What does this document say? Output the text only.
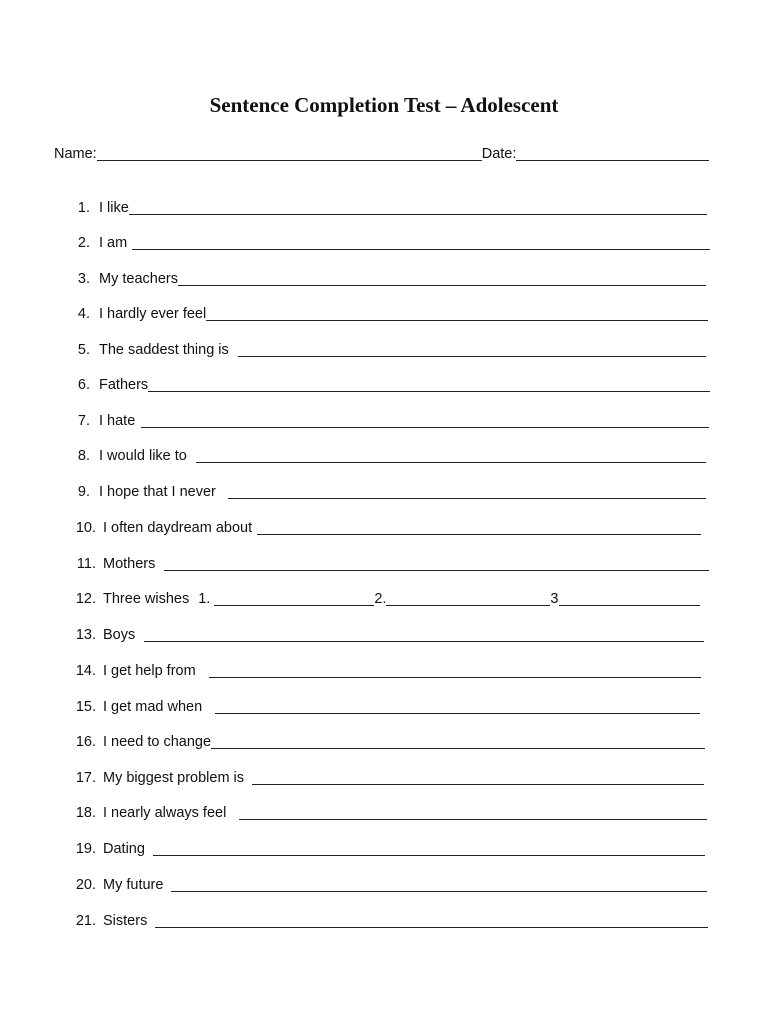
Sentence Completion Test – Adolescent
Name:	Date:
1. I like
2. I am
3. My teachers
4. I hardly ever feel
5. The saddest thing is
6. Fathers
7. I hate
8. I would like to
9. I hope that I never
10. I often daydream about
11. Mothers
12. Three wishes 1.	2.	3
13. Boys
14. I get help from
15. I get mad when
16. I need to change
17. My biggest problem is
18. I nearly always feel
19. Dating
20. My future
21. Sisters
